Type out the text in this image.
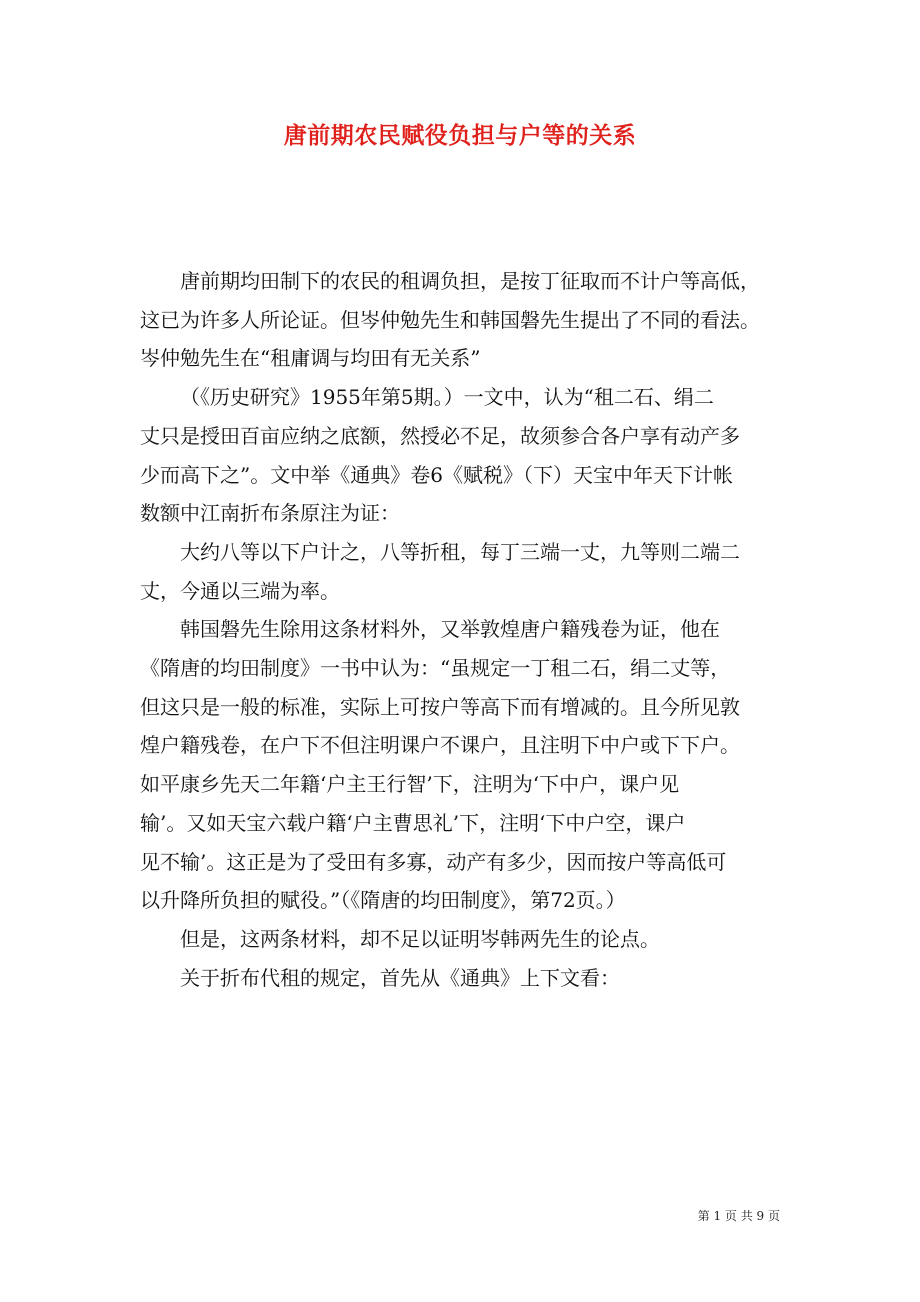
唐前期农民赋役负担与户等的关系

唐前期均田制下的农民的租调负担，是按丁征取而不计户等高低，
这已为许多人所论证。但岑仲勉先生和韩国磐先生提出了不同的看法。
岑仲勉先生在“租庸调与均田有无关系”

（《历史研究》1955年第5期。）一文中，认为“租二石、绢二
丈只是授田百亩应纳之底额，然授必不足，故须参合各户享有动产多
少而高下之”。文中举《通典》卷6《赋税》（下）天宝中年天下计帐
数额中江南折布条原注为证：

大约八等以下户计之，八等折租，每丁三端一丈，九等则二端二
丈，今通以三端为率。

韩国磐先生除用这条材料外，又举敦煌唐户籍残卷为证，他在
《隋唐的均田制度》一书中认为：“虽规定一丁租二石，绢二丈等，
但这只是一般的标准，实际上可按户等高下而有增减的。且今所见敦
煌户籍残卷，在户下不但注明课户不课户，且注明下中户或下下户。
如平康乡先天二年籍‘户主王行智’下，注明为‘下中户，课户见
输’。又如天宝六载户籍‘户主曹思礼’下，注明‘下中户空，课户
见不输’。这正是为了受田有多寡，动产有多少，因而按户等高低可
以升降所负担的赋役。”（《隋唐的均田制度》，第72页。）

但是，这两条材料，却不足以证明岑韩两先生的论点。

关于折布代租的规定，首先从《通典》上下文看：

第 1 页 共 9 页
